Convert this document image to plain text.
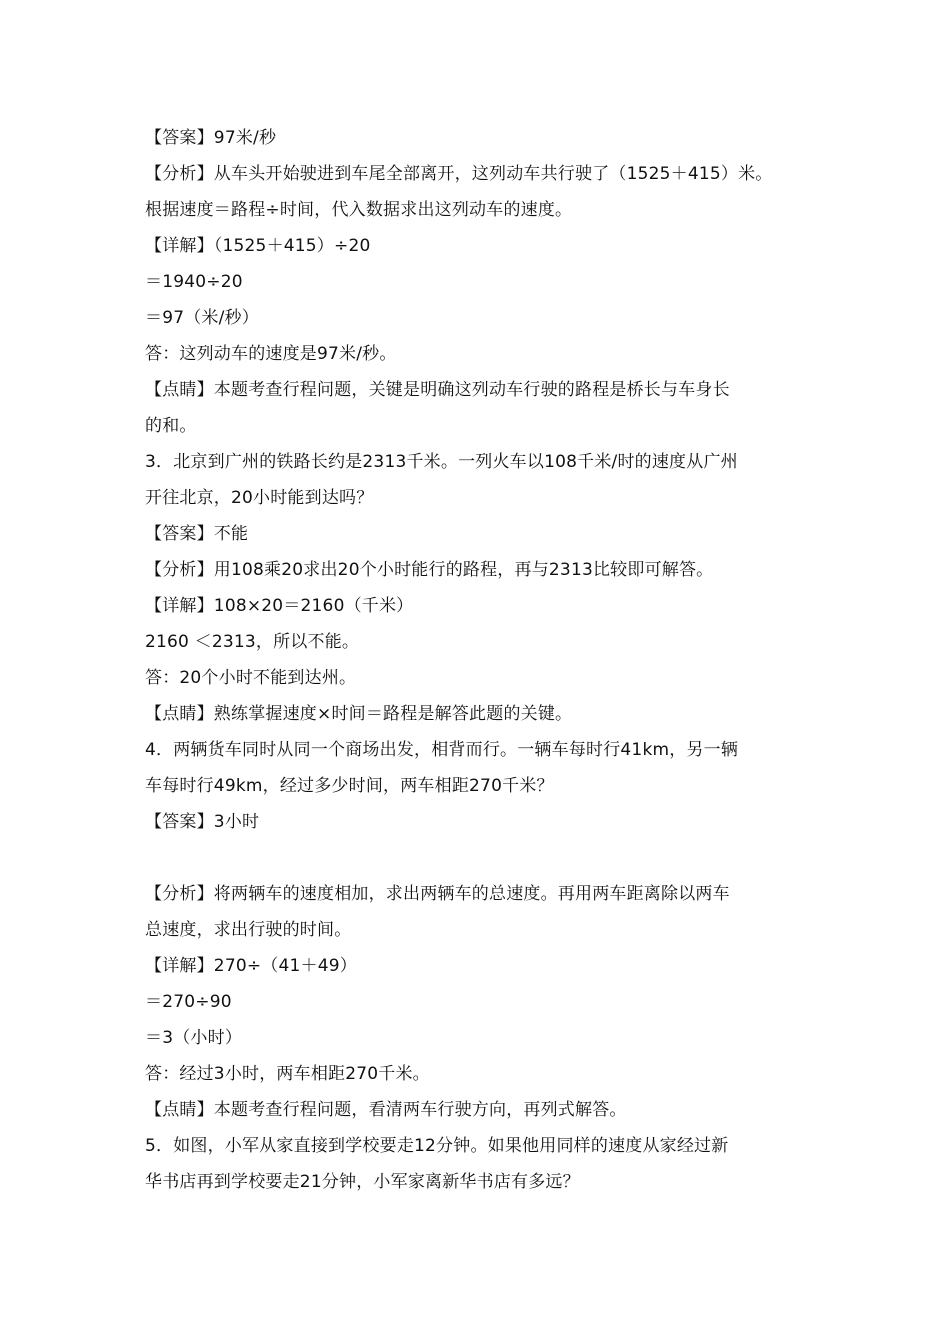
【答案】97米/秒
【分析】从车头开始驶进到车尾全部离开，这列动车共行驶了（1525＋415）米。
根据速度＝路程÷时间，代入数据求出这列动车的速度。
【详解】（1525＋415）÷20
＝1940÷20
＝97（米/秒）
答：这列动车的速度是97米/秒。
【点睛】本题考查行程问题，关键是明确这列动车行驶的路程是桥长与车身长
的和。
3．北京到广州的铁路长约是2313千米。一列火车以108千米/时的速度从广州
开往北京，20小时能到达吗？
【答案】不能
【分析】用108乘20求出20个小时能行的路程，再与2313比较即可解答。
【详解】108×20＝2160（千米）
2160 ＜2313，所以不能。
答：20个小时不能到达州。
【点睛】熟练掌握速度×时间＝路程是解答此题的关键。
4．两辆货车同时从同一个商场出发，相背而行。一辆车每时行41km，另一辆
车每时行49km，经过多少时间，两车相距270千米？
【答案】3小时
【分析】将两辆车的速度相加，求出两辆车的总速度。再用两车距离除以两车
总速度，求出行驶的时间。
【详解】270÷（41＋49）
＝270÷90
＝3（小时）
答：经过3小时，两车相距270千米。
【点睛】本题考查行程问题，看清两车行驶方向，再列式解答。
5．如图，小军从家直接到学校要走12分钟。如果他用同样的速度从家经过新
华书店再到学校要走21分钟，小军家离新华书店有多远？
